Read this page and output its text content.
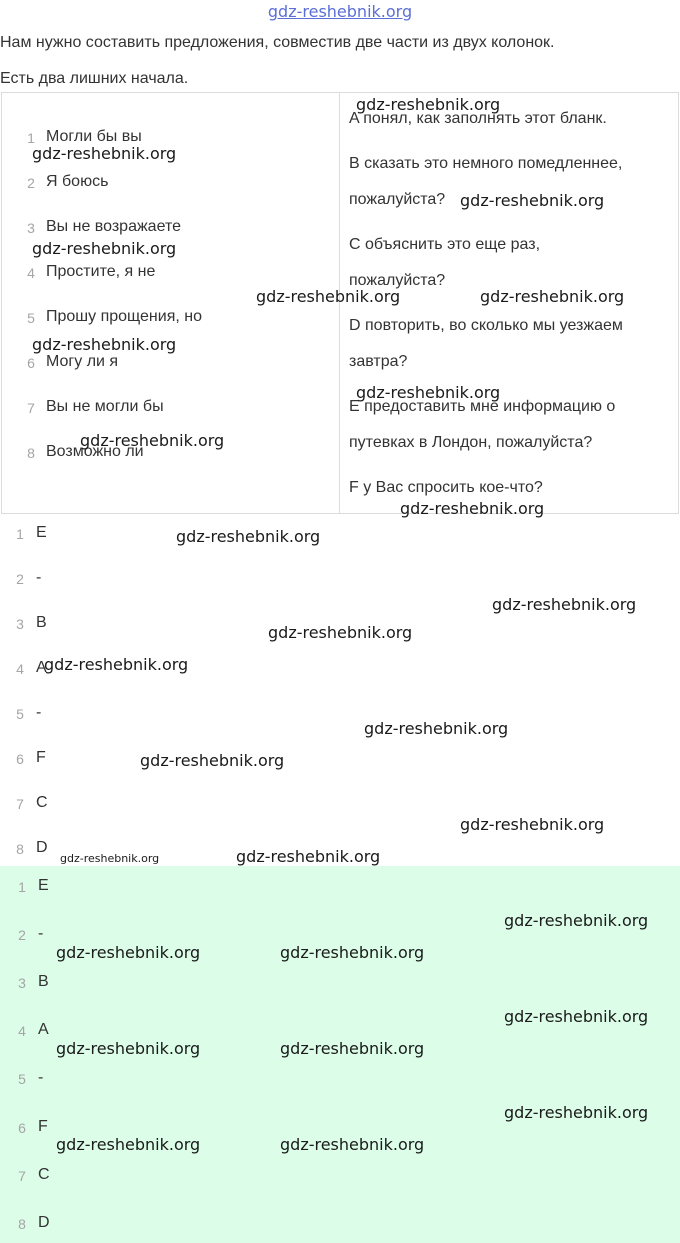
gdz-reshebnik.org
Нам нужно составить предложения, совместив две части из двух колонок.
Есть два лишних начала.
1 Могли бы вы
2 Я боюсь
3 Вы не возражаете
4 Простите, я не
5 Прошу прощения, но
6 Могу ли я
7 Вы не могли бы
8 Возможно ли
A понял, как заполнять этот бланк.
B сказать это немного помедленнее,
пожалуйста?
C объяснить это еще раз,
пожалуйста?
D повторить, во сколько мы уезжаем
завтра?
E предоставить мне информацию о
путевках в Лондон, пожалуйста?
F у Вас спросить кое-что?
1 E
2 -
3 B
4 A
5 -
6 F
7 C
8 D
1 E
2 -
3 B
4 A
5 -
6 F
7 C
8 D
gdz-reshebnik.org
gdz-reshebnik.org
gdz-reshebnik.org
gdz-reshebnik.org
gdz-reshebnik.org	gdz-reshebnik.org
gdz-reshebnik.org
gdz-reshebnik.org
gdz-reshebnik.org
gdz-reshebnik.org
gdz-reshebnik.org
gdz-reshebnik.org
gdz-reshebnik.org
gdz-reshebnik.org
gdz-reshebnik.org
gdz-reshebnik.org
gdz-reshebnik.org
gdz-reshebnik.org
gdz-reshebnik.org
gdz-reshebnik.org
gdz-reshebnik.org	gdz-reshebnik.org
gdz-reshebnik.org
gdz-reshebnik.org	gdz-reshebnik.org
gdz-reshebnik.org
gdz-reshebnik.org	gdz-reshebnik.org
